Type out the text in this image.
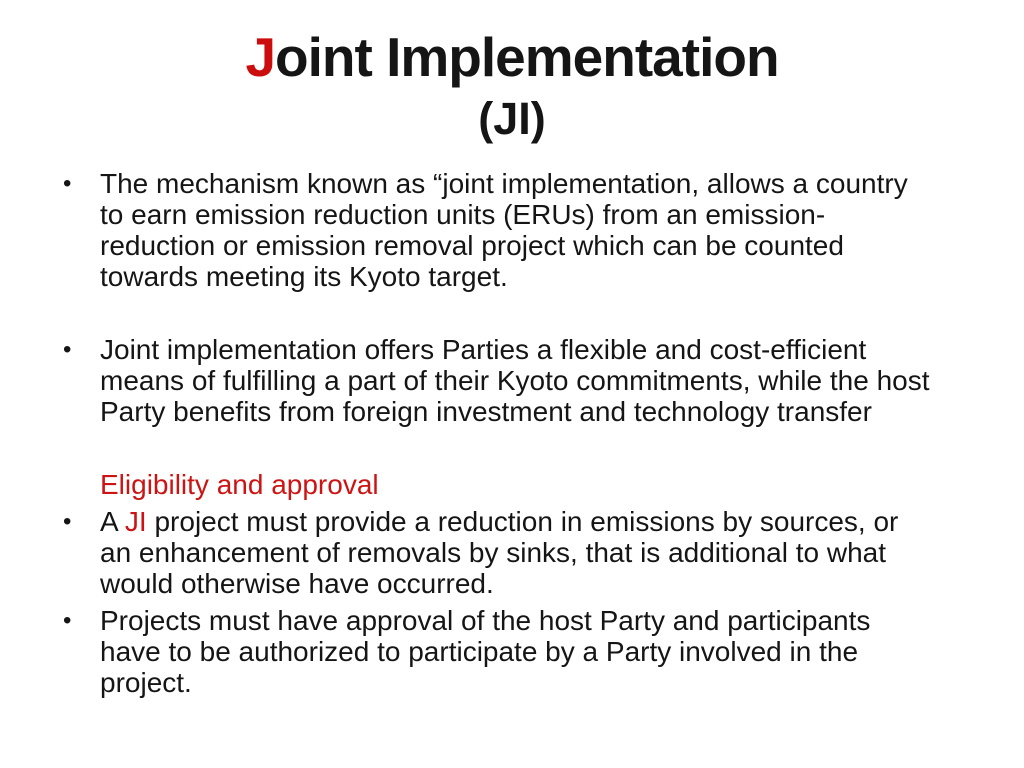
Joint Implementation
(JI)
•	The mechanism known as “joint implementation, allows a country to earn emission reduction units (ERUs) from an emission-reduction or emission removal project which can be counted towards meeting its Kyoto target.
•	Joint implementation offers Parties a flexible and cost-efficient means of fulfilling a part of their Kyoto commitments, while the host Party benefits from foreign investment and technology transfer
Eligibility and approval
•	A JI project must provide a reduction in emissions by sources, or an enhancement of removals by sinks, that is additional to what would otherwise have occurred.
•	Projects must have approval of the host Party and participants have to be authorized to participate by a Party involved in the project.
